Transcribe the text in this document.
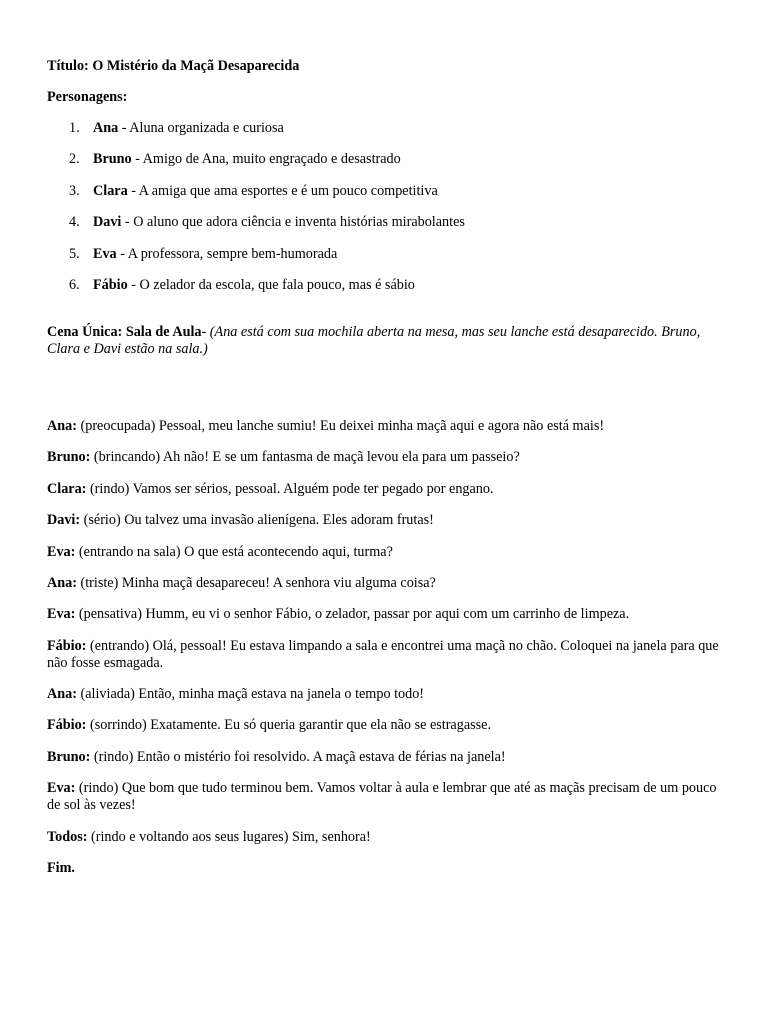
Título: O Mistério da Maçã Desaparecida

Personagens:

1. Ana - Aluna organizada e curiosa
2. Bruno - Amigo de Ana, muito engraçado e desastrado
3. Clara - A amiga que ama esportes e é um pouco competitiva
4. Davi - O aluno que adora ciência e inventa histórias mirabolantes
5. Eva - A professora, sempre bem-humorada
6. Fábio - O zelador da escola, que fala pouco, mas é sábio

Cena Única: Sala de Aula- (Ana está com sua mochila aberta na mesa, mas seu lanche está desaparecido. Bruno, Clara e Davi estão na sala.)

Ana: (preocupada) Pessoal, meu lanche sumiu! Eu deixei minha maçã aqui e agora não está mais!

Bruno: (brincando) Ah não! E se um fantasma de maçã levou ela para um passeio?

Clara: (rindo) Vamos ser sérios, pessoal. Alguém pode ter pegado por engano.

Davi: (sério) Ou talvez uma invasão alienígena. Eles adoram frutas!

Eva: (entrando na sala) O que está acontecendo aqui, turma?

Ana: (triste) Minha maçã desapareceu! A senhora viu alguma coisa?

Eva: (pensativa) Humm, eu vi o senhor Fábio, o zelador, passar por aqui com um carrinho de limpeza.

Fábio: (entrando) Olá, pessoal! Eu estava limpando a sala e encontrei uma maçã no chão. Coloquei na janela para que não fosse esmagada.

Ana: (aliviada) Então, minha maçã estava na janela o tempo todo!

Fábio: (sorrindo) Exatamente. Eu só queria garantir que ela não se estragasse.

Bruno: (rindo) Então o mistério foi resolvido. A maçã estava de férias na janela!

Eva: (rindo) Que bom que tudo terminou bem. Vamos voltar à aula e lembrar que até as maçãs precisam de um pouco de sol às vezes!

Todos: (rindo e voltando aos seus lugares) Sim, senhora!

Fim.
